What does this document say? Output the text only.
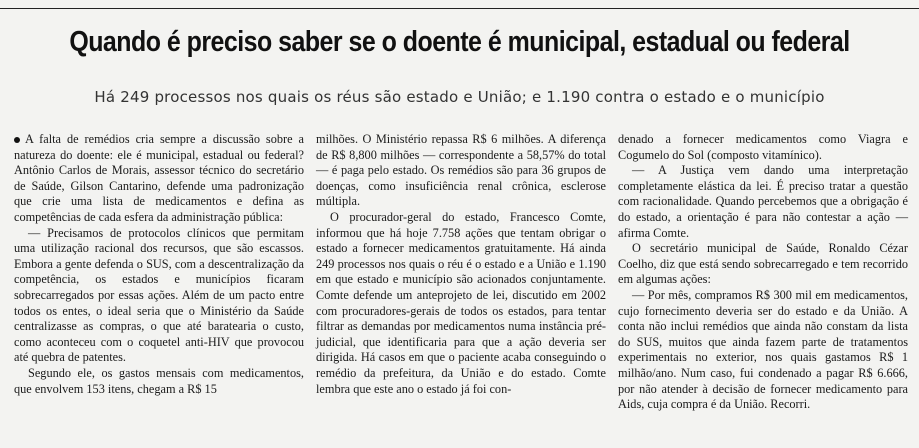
Quando é preciso saber se o doente é municipal, estadual ou federal
Há 249 processos nos quais os réus são estado e União; e 1.190 contra o estado e o município

A falta de remédios cria sempre a discussão sobre a natureza do doente: ele é municipal, estadual ou federal? Antônio Carlos de Morais, assessor técnico do secretário de Saúde, Gilson Cantarino, defende uma padronização que crie uma lista de medicamentos e defina as competências de cada esfera da administração pública:

— Precisamos de protocolos clínicos que permitam uma utilização racional dos recursos, que são escassos. Embora a gente defenda o SUS, com a descentralização da competência, os estados e municípios ficaram sobrecarregados por essas ações. Além de um pacto entre todos os entes, o ideal seria que o Ministério da Saúde centralizasse as compras, o que até baratearia o custo, como aconteceu com o coquetel anti-HIV que provocou até quebra de patentes.

Segundo ele, os gastos mensais com medicamentos, que envolvem 153 itens, chegam a R$ 15

milhões. O Ministério repassa R$ 6 milhões. A diferença de R$ 8,800 milhões — correspondente a 58,57% do total — é paga pelo estado. Os remédios são para 36 grupos de doenças, como insuficiência renal crônica, esclerose múltipla.

O procurador-geral do estado, Francesco Comte, informou que há hoje 7.758 ações que tentam obrigar o estado a fornecer medicamentos gratuitamente. Há ainda 249 processos nos quais o réu é o estado e a União e 1.190 em que estado e município são acionados conjuntamente. Comte defende um anteprojeto de lei, discutido em 2002 com procuradores-gerais de todos os estados, para tentar filtrar as demandas por medicamentos numa instância pré-judicial, que identificaria para que a ação deveria ser dirigida. Há casos em que o paciente acaba conseguindo o remédio da prefeitura, da União e do estado. Comte lembra que este ano o estado já foi con-

denado a fornecer medicamentos como Viagra e Cogumelo do Sol (composto vitamínico).

— A Justiça vem dando uma interpretação completamente elástica da lei. É preciso tratar a questão com racionalidade. Quando percebemos que a obrigação é do estado, a orientação é para não contestar a ação — afirma Comte.

O secretário municipal de Saúde, Ronaldo Cézar Coelho, diz que está sendo sobrecarregado e tem recorrido em algumas ações:

— Por mês, compramos R$ 300 mil em medicamentos, cujo fornecimento deveria ser do estado e da União. A conta não inclui remédios que ainda não constam da lista do SUS, muitos que ainda fazem parte de tratamentos experimentais no exterior, nos quais gastamos R$ 1 milhão/ano. Num caso, fui condenado a pagar R$ 6.666, por não atender à decisão de fornecer medicamento para Aids, cuja compra é da União. Recorri.
